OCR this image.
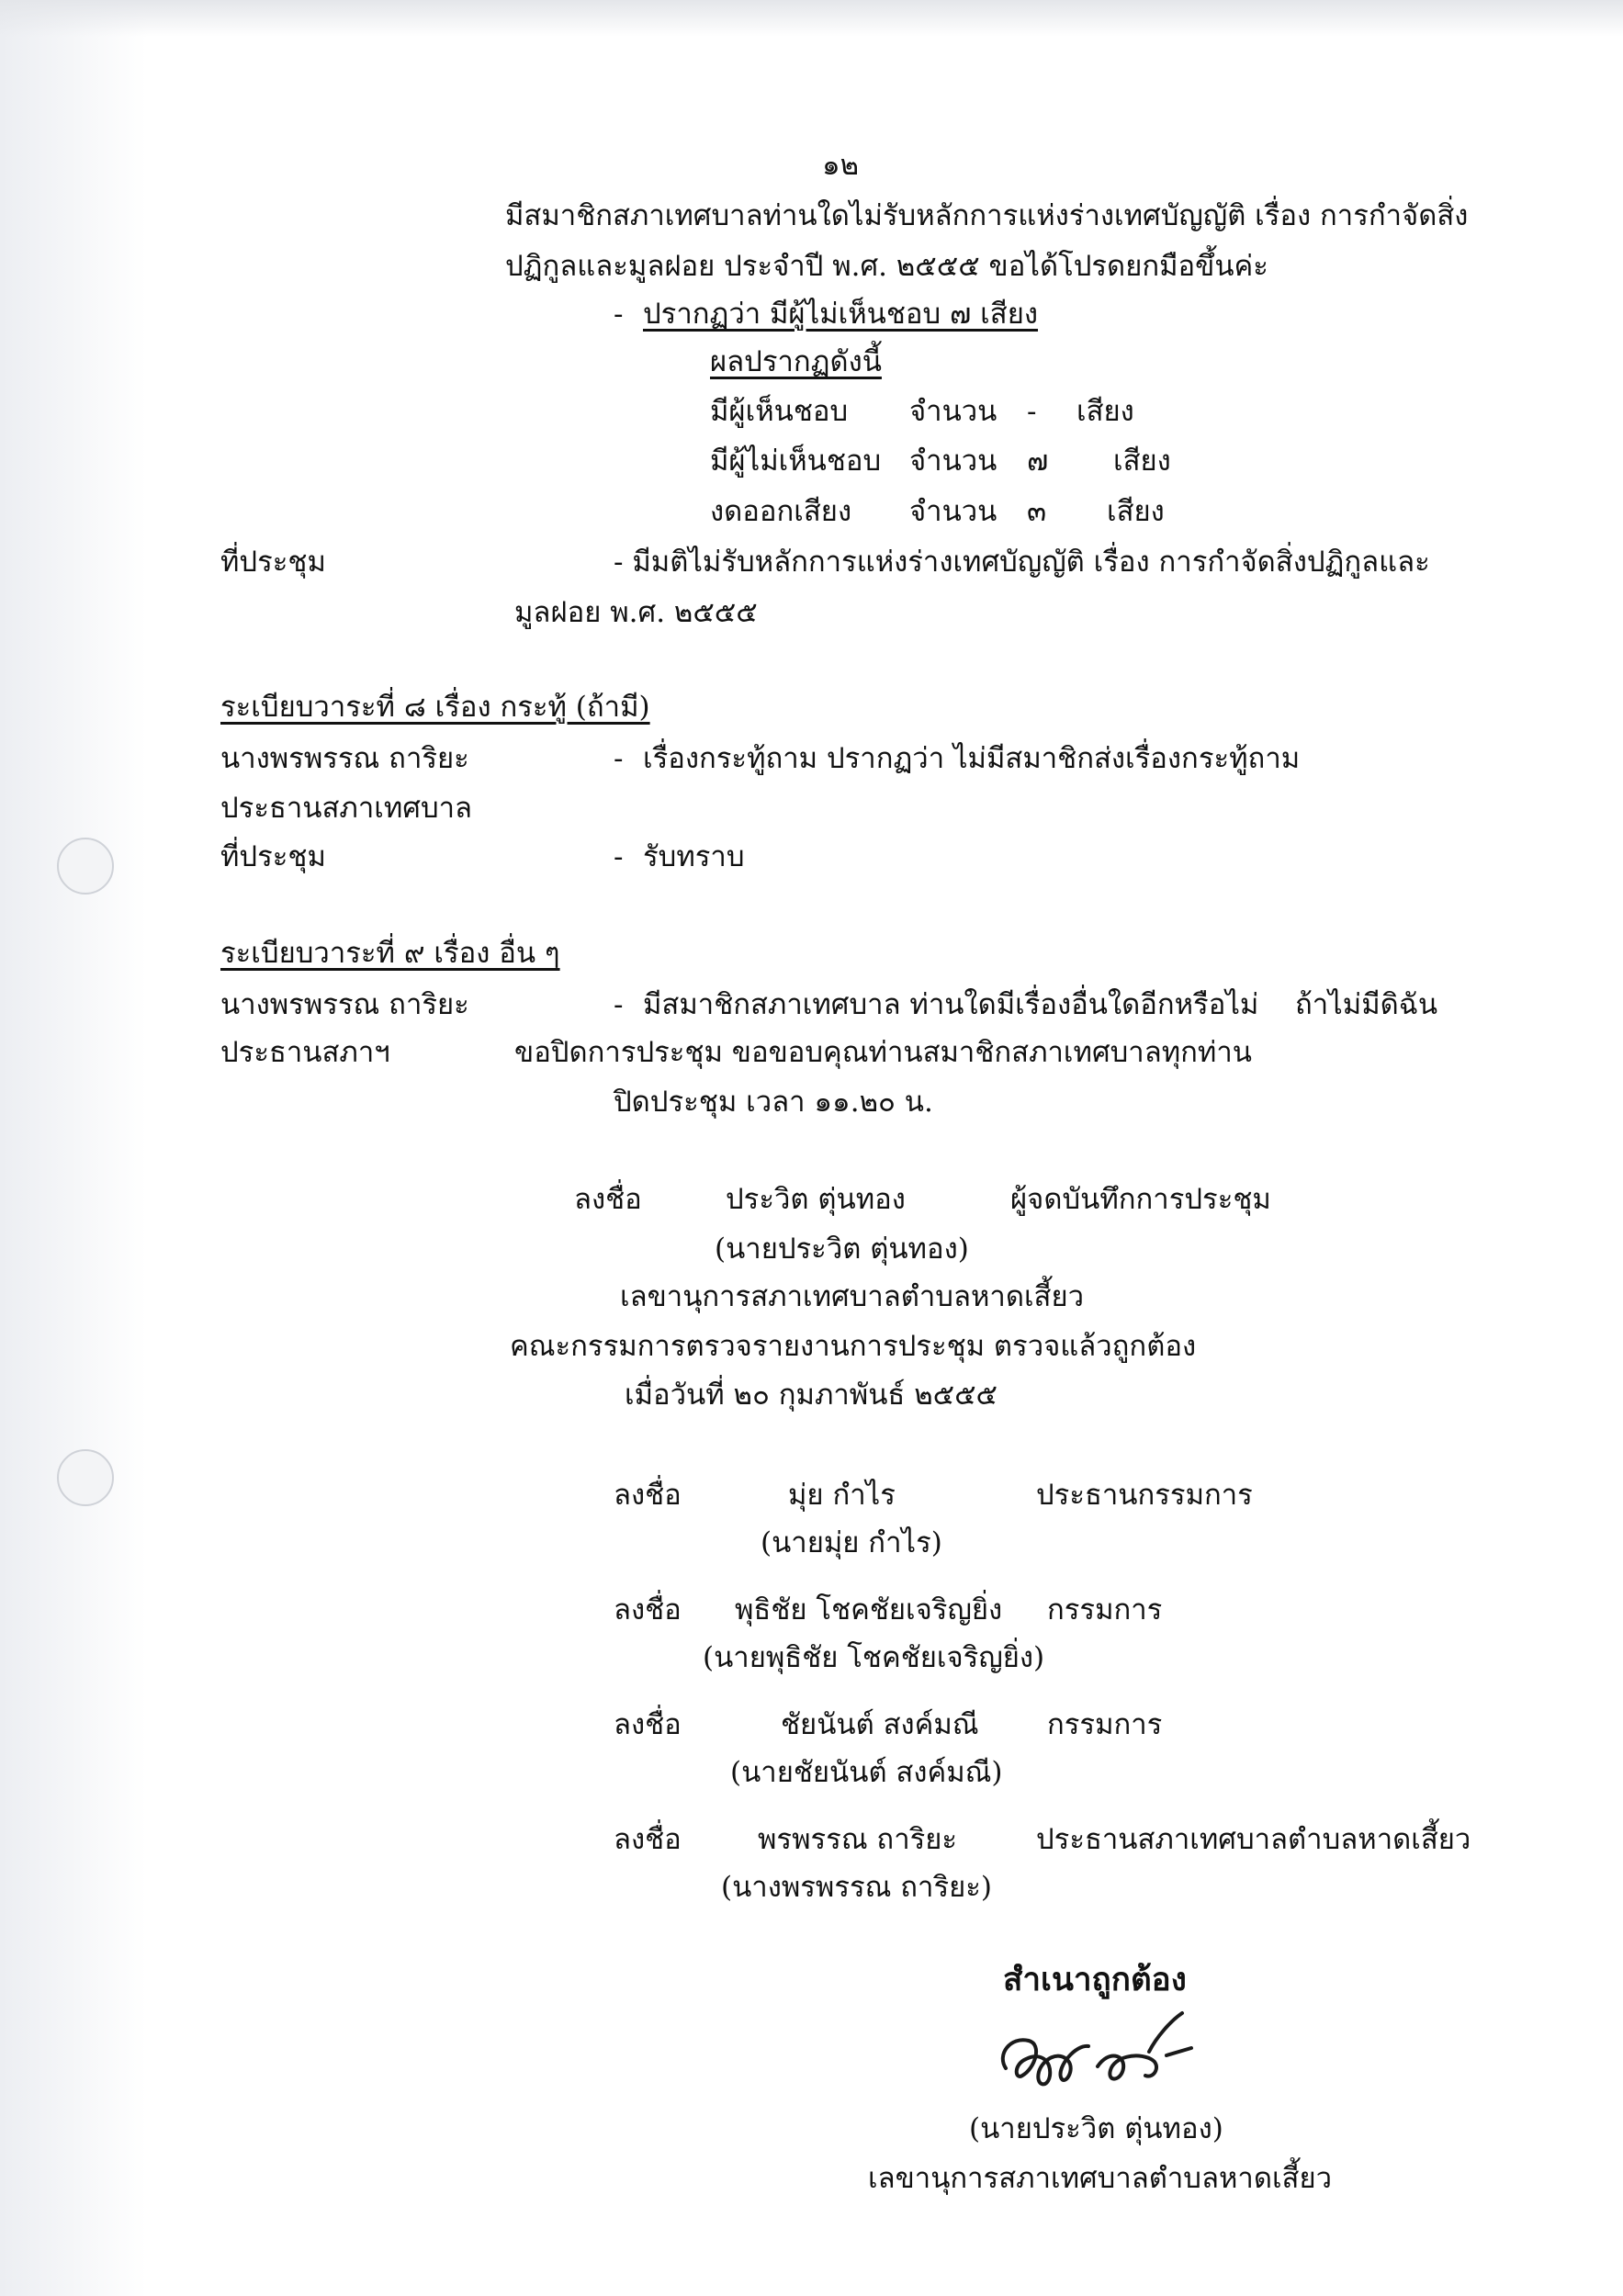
๑๒
มีสมาชิกสภาเทศบาลท่านใดไม่รับหลักการแห่งร่างเทศบัญญัติ เรื่อง การกำจัดสิ่ง
ปฏิกูลและมูลฝอย ประจำปี พ.ศ. ๒๕๕๕ ขอได้โปรดยกมือขึ้นค่ะ
- ปรากฏว่า มีผู้ไม่เห็นชอบ ๗ เสียง
ผลปรากฏดังนี้
มีผู้เห็นชอบ จำนวน - เสียง
มีผู้ไม่เห็นชอบ จำนวน ๗ เสียง
งดออกเสียง จำนวน ๓ เสียง
ที่ประชุม	- มีมติไม่รับหลักการแห่งร่างเทศบัญญัติ เรื่อง การกำจัดสิ่งปฏิกูลและ
มูลฝอย พ.ศ. ๒๕๕๕
ระเบียบวาระที่ ๘ เรื่อง กระทู้ (ถ้ามี)
นางพรพรรณ ถาริยะ	- เรื่องกระทู้ถาม ปรากฏว่า ไม่มีสมาชิกส่งเรื่องกระทู้ถาม
ประธานสภาเทศบาล
ที่ประชุม	- รับทราบ
ระเบียบวาระที่ ๙ เรื่อง อื่น ๆ
นางพรพรรณ ถาริยะ	- มีสมาชิกสภาเทศบาล ท่านใดมีเรื่องอื่นใดอีกหรือไม่ ถ้าไม่มีดิฉัน
ประธานสภาฯ	ขอปิดการประชุม ขอขอบคุณท่านสมาชิกสภาเทศบาลทุกท่าน
ปิดประชุม เวลา ๑๑.๒๐ น.
ลงชื่อ	ประวิต ตุ่นทอง	ผู้จดบันทึกการประชุม
(นายประวิต ตุ่นทอง)
เลขานุการสภาเทศบาลตำบลหาดเสี้ยว
คณะกรรมการตรวจรายงานการประชุม ตรวจแล้วถูกต้อง
เมื่อวันที่ ๒๐ กุมภาพันธ์ ๒๕๕๕
ลงชื่อ	มุ่ย กำไร	ประธานกรรมการ
(นายมุ่ย กำไร)
ลงชื่อ พุธิชัย โชคชัยเจริญยิ่ง กรรมการ
(นายพุธิชัย โชคชัยเจริญยิ่ง)
ลงชื่อ	ชัยนันต์ สงค์มณี กรรมการ
(นายชัยนันต์ สงค์มณี)
ลงชื่อ	พรพรรณ ถาริยะ	ประธานสภาเทศบาลตำบลหาดเสี้ยว
(นางพรพรรณ ถาริยะ)
สำเนาถูกต้อง
(นายประวิต ตุ่นทอง)
เลขานุการสภาเทศบาลตำบลหาดเสี้ยว
